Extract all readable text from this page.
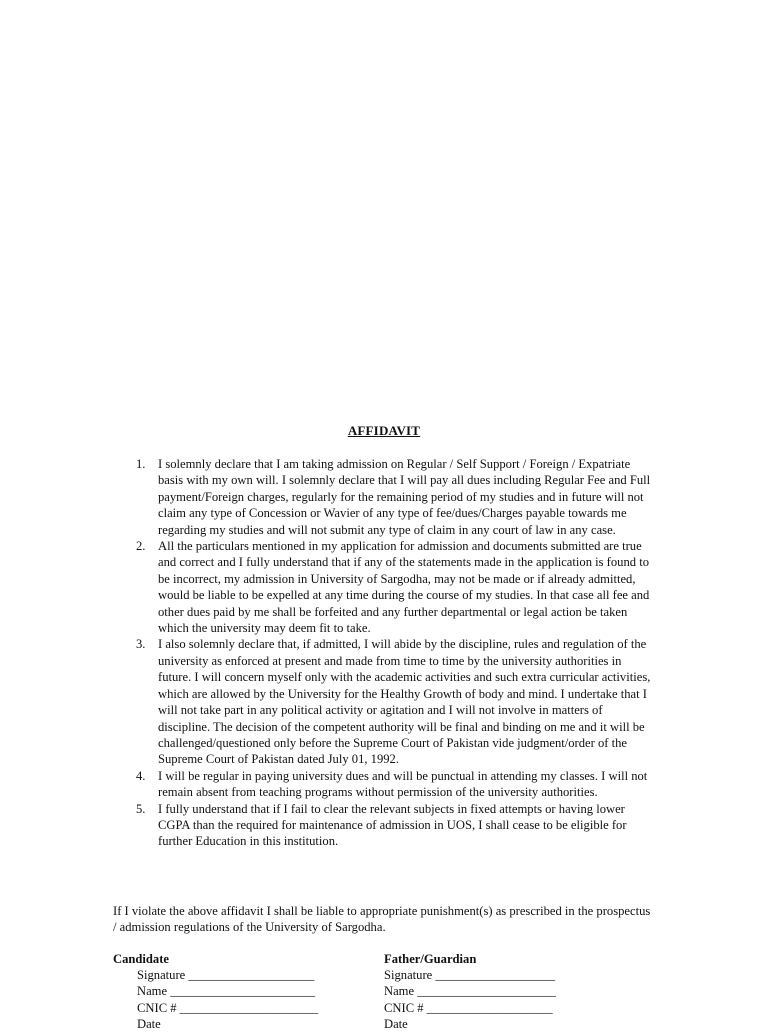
AFFIDAVIT
1. I solemnly declare that I am taking admission on Regular / Self Support / Foreign / Expatriate basis with my own will. I solemnly declare that I will pay all dues including Regular Fee and Full payment/Foreign charges, regularly for the remaining period of my studies and in future will not claim any type of Concession or Wavier of any type of fee/dues/Charges payable towards me regarding my studies and will not submit any type of claim in any court of law in any case.
2. All the particulars mentioned in my application for admission and documents submitted are true and correct and I fully understand that if any of the statements made in the application is found to be incorrect, my admission in University of Sargodha, may not be made or if already admitted, would be liable to be expelled at any time during the course of my studies. In that case all fee and other dues paid by me shall be forfeited and any further departmental or legal action be taken which the university may deem fit to take.
3. I also solemnly declare that, if admitted, I will abide by the discipline, rules and regulation of the university as enforced at present and made from time to time by the university authorities in future. I will concern myself only with the academic activities and such extra curricular activities, which are allowed by the University for the Healthy Growth of body and mind. I undertake that I will not take part in any political activity or agitation and I will not involve in matters of discipline. The decision of the competent authority will be final and binding on me and it will be challenged/questioned only before the Supreme Court of Pakistan vide judgment/order of the Supreme Court of Pakistan dated July 01, 1992.
4. I will be regular in paying university dues and will be punctual in attending my classes. I will not remain absent from teaching programs without permission of the university authorities.
5. I fully understand that if I fail to clear the relevant subjects in fixed attempts or having lower CGPA than the required for maintenance of admission in UOS, I shall cease to be eligible for further Education in this institution.
If I violate the above affidavit I shall be liable to appropriate punishment(s) as prescribed in the prospectus / admission regulations of the University of Sargodha.
Candidate
Signature ____________________
Name _______________________
CNIC # ______________________
Date
Father/Guardian
Signature ___________________
Name ______________________
CNIC # ____________________
Date
